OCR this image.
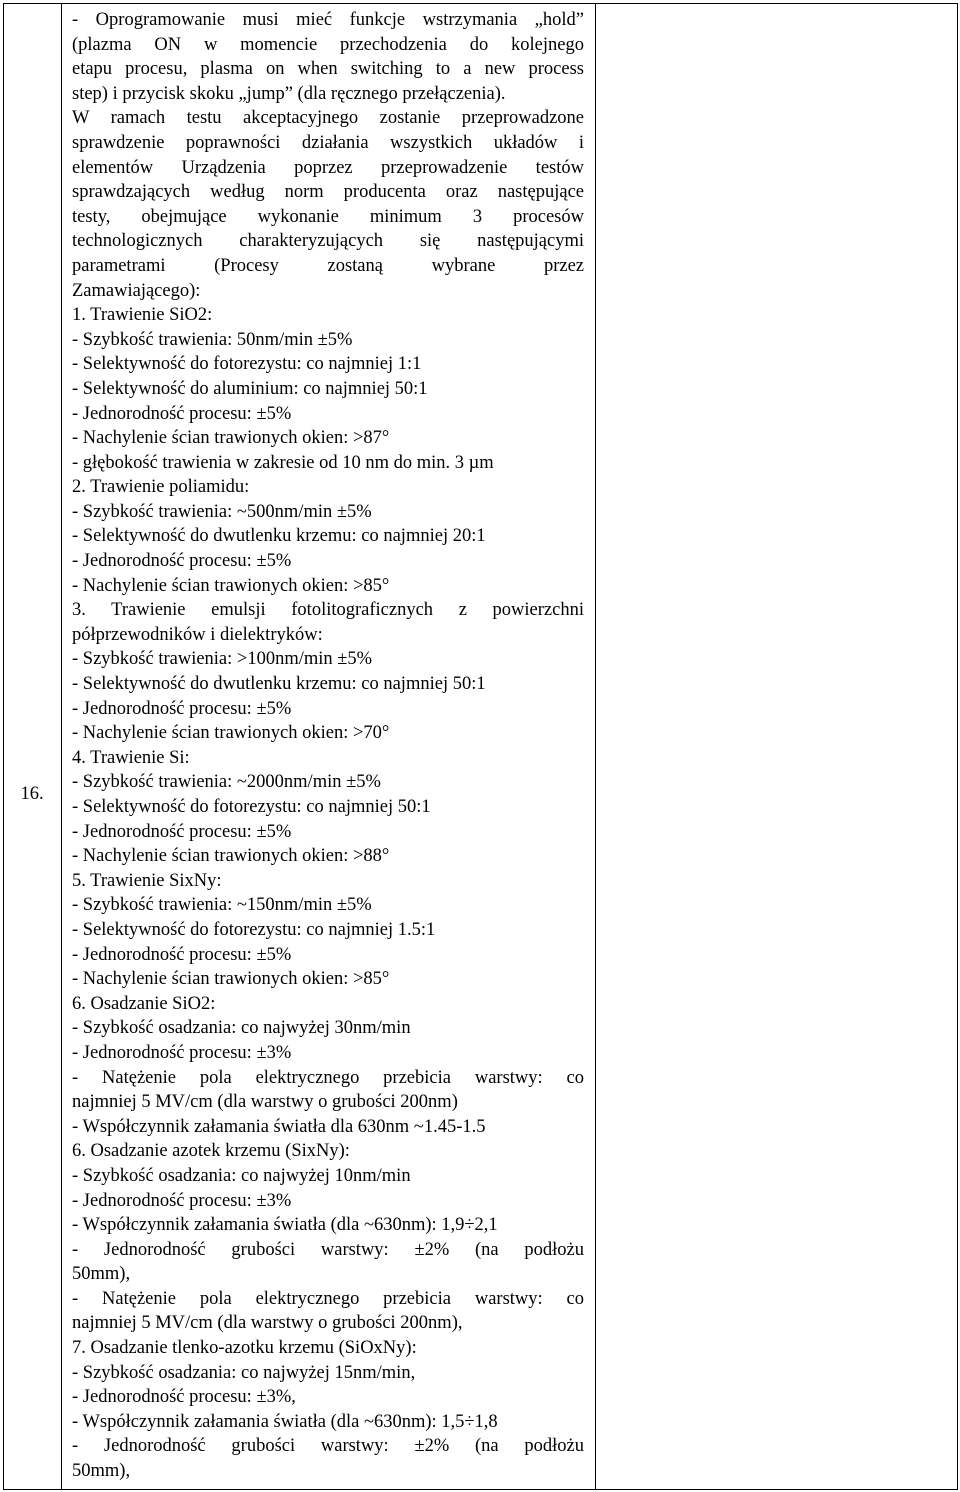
16.
- Oprogramowanie musi mieć funkcje wstrzymania „hold”
(plazma ON w momencie przechodzenia do kolejnego
etapu procesu, plasma on when switching to a new process
step) i przycisk skoku „jump” (dla ręcznego przełączenia).
W ramach testu akceptacyjnego zostanie przeprowadzone
sprawdzenie poprawności działania wszystkich układów i
elementów Urządzenia poprzez przeprowadzenie testów
sprawdzających według norm producenta oraz następujące
testy, obejmujące wykonanie minimum 3 procesów
technologicznych charakteryzujących się następującymi
parametrami (Procesy zostaną wybrane przez
Zamawiającego):
1. Trawienie SiO2:
- Szybkość trawienia: 50nm/min ±5%
- Selektywność do fotorezystu: co najmniej 1:1
- Selektywność do aluminium: co najmniej 50:1
- Jednorodność procesu: ±5%
- Nachylenie ścian trawionych okien: >87°
- głębokość trawienia w zakresie od 10 nm do min. 3 µm
2. Trawienie poliamidu:
- Szybkość trawienia: ~500nm/min ±5%
- Selektywność do dwutlenku krzemu: co najmniej 20:1
- Jednorodność procesu: ±5%
- Nachylenie ścian trawionych okien: >85°
3. Trawienie emulsji fotolitograficznych z powierzchni
półprzewodników i dielektryków:
- Szybkość trawienia: >100nm/min ±5%
- Selektywność do dwutlenku krzemu: co najmniej 50:1
- Jednorodność procesu: ±5%
- Nachylenie ścian trawionych okien: >70°
4. Trawienie Si:
- Szybkość trawienia: ~2000nm/min ±5%
- Selektywność do fotorezystu: co najmniej 50:1
- Jednorodność procesu: ±5%
- Nachylenie ścian trawionych okien: >88°
5. Trawienie SixNy:
- Szybkość trawienia: ~150nm/min ±5%
- Selektywność do fotorezystu: co najmniej 1.5:1
- Jednorodność procesu: ±5%
- Nachylenie ścian trawionych okien: >85°
6. Osadzanie SiO2:
- Szybkość osadzania: co najwyżej 30nm/min
- Jednorodność procesu: ±3%
- Natężenie pola elektrycznego przebicia warstwy: co
najmniej 5 MV/cm (dla warstwy o grubości 200nm)
- Współczynnik załamania światła dla 630nm ~1.45-1.5
6. Osadzanie azotek krzemu (SixNy):
- Szybkość osadzania: co najwyżej 10nm/min
- Jednorodność procesu: ±3%
- Współczynnik załamania światła (dla ~630nm): 1,9÷2,1
- Jednorodność grubości warstwy: ±2% (na podłożu
50mm),
- Natężenie pola elektrycznego przebicia warstwy: co
najmniej 5 MV/cm (dla warstwy o grubości 200nm),
7. Osadzanie tlenko-azotku krzemu (SiOxNy):
- Szybkość osadzania: co najwyżej 15nm/min,
- Jednorodność procesu: ±3%,
- Współczynnik załamania światła (dla ~630nm): 1,5÷1,8
- Jednorodność grubości warstwy: ±2% (na podłożu
50mm),
